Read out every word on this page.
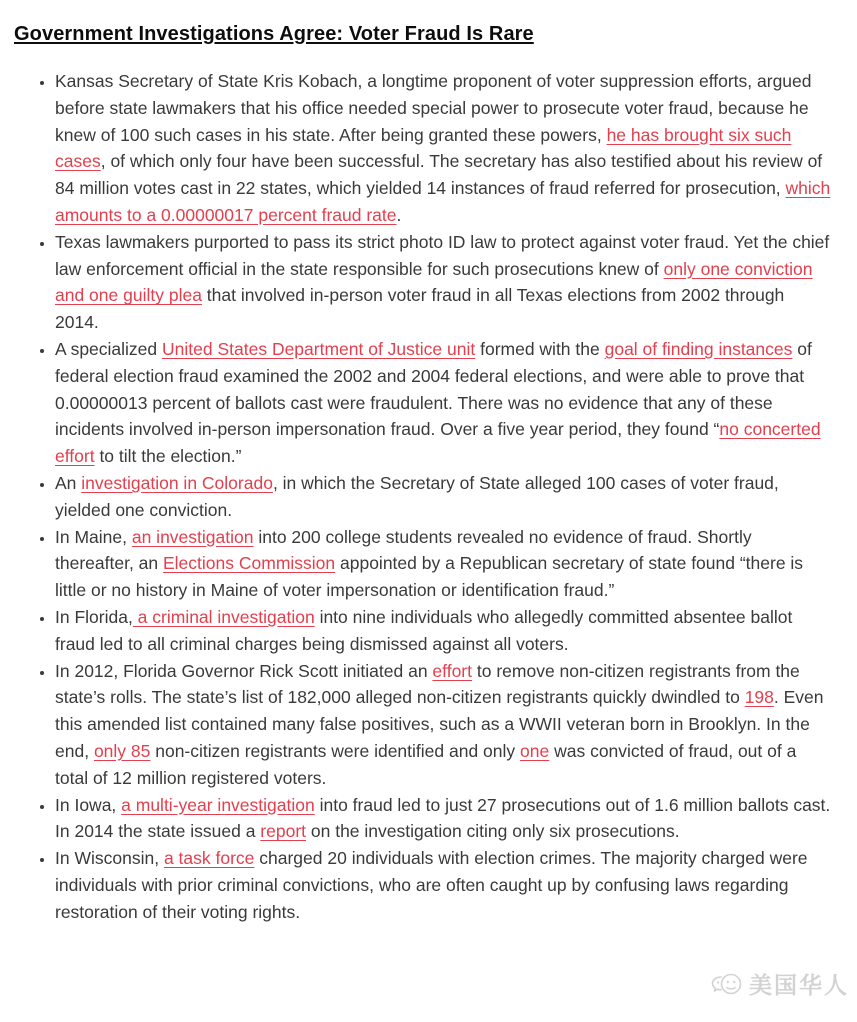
Government Investigations Agree: Voter Fraud Is Rare
• Kansas Secretary of State Kris Kobach, a longtime proponent of voter suppression efforts, argued before state lawmakers that his office needed special power to prosecute voter fraud, because he knew of 100 such cases in his state. After being granted these powers, he has brought six such cases, of which only four have been successful. The secretary has also testified about his review of 84 million votes cast in 22 states, which yielded 14 instances of fraud referred for prosecution, which amounts to a 0.00000017 percent fraud rate.
• Texas lawmakers purported to pass its strict photo ID law to protect against voter fraud. Yet the chief law enforcement official in the state responsible for such prosecutions knew of only one conviction and one guilty plea that involved in-person voter fraud in all Texas elections from 2002 through 2014.
• A specialized United States Department of Justice unit formed with the goal of finding instances of federal election fraud examined the 2002 and 2004 federal elections, and were able to prove that 0.00000013 percent of ballots cast were fraudulent. There was no evidence that any of these incidents involved in-person impersonation fraud. Over a five year period, they found “no concerted effort to tilt the election.”
• An investigation in Colorado, in which the Secretary of State alleged 100 cases of voter fraud, yielded one conviction.
• In Maine, an investigation into 200 college students revealed no evidence of fraud. Shortly thereafter, an Elections Commission appointed by a Republican secretary of state found “there is little or no history in Maine of voter impersonation or identification fraud.”
• In Florida, a criminal investigation into nine individuals who allegedly committed absentee ballot fraud led to all criminal charges being dismissed against all voters.
• In 2012, Florida Governor Rick Scott initiated an effort to remove non-citizen registrants from the state’s rolls. The state’s list of 182,000 alleged non-citizen registrants quickly dwindled to 198. Even this amended list contained many false positives, such as a WWII veteran born in Brooklyn. In the end, only 85 non-citizen registrants were identified and only one was convicted of fraud, out of a total of 12 million registered voters.
• In Iowa, a multi-year investigation into fraud led to just 27 prosecutions out of 1.6 million ballots cast. In 2014 the state issued a report on the investigation citing only six prosecutions.
• In Wisconsin, a task force charged 20 individuals with election crimes. The majority charged were individuals with prior criminal convictions, who are often caught up by confusing laws regarding restoration of their voting rights.
美国华人
